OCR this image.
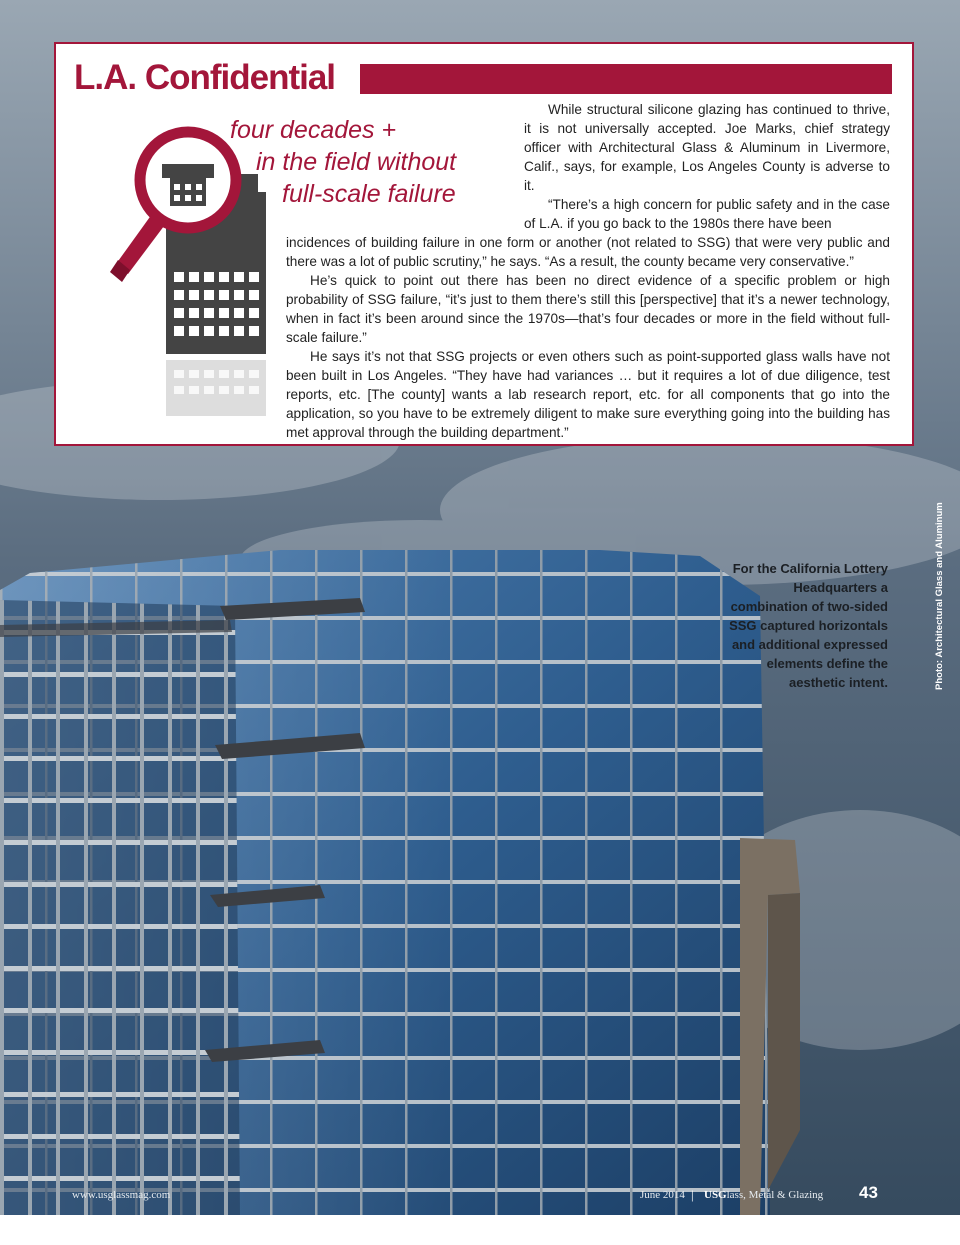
L.A. Confidential
four decades +
in the field without
full-scale failure

While structural silicone glazing has continued to thrive, it is not universally accepted. Joe Marks, chief strategy officer with Architectural Glass & Aluminum in Livermore, Calif., says, for example, Los Angeles County is adverse to it.

“There’s a high concern for public safety and in the case of L.A. if you go back to the 1980s there have been

incidences of building failure in one form or another (not related to SSG) that were very public and there was a lot of public scrutiny,” he says. “As a result, the county became very conservative.”

He’s quick to point out there has been no direct evidence of a specific problem or high probability of SSG failure, “it’s just to them there’s still this [perspective] that it’s a newer technology, when in fact it’s been around since the 1970s—that’s four decades or more in the field without full-scale failure.”

He says it’s not that SSG projects or even others such as point-supported glass walls have not been built in Los Angeles. “They have had variances … but it requires a lot of due diligence, test reports, etc. [The county] wants a lab research report, etc. for all components that go into the application, so you have to be extremely diligent to make sure everything going into the building has met approval through the building department.”

Photo: Architectural Glass and Aluminum
For the California Lottery Headquarters a combination of two-sided SSG captured horizontals and additional expressed elements define the aesthetic intent.
www.usglassmag.com	June 2014 | USGlass, Metal & Glazing 43
